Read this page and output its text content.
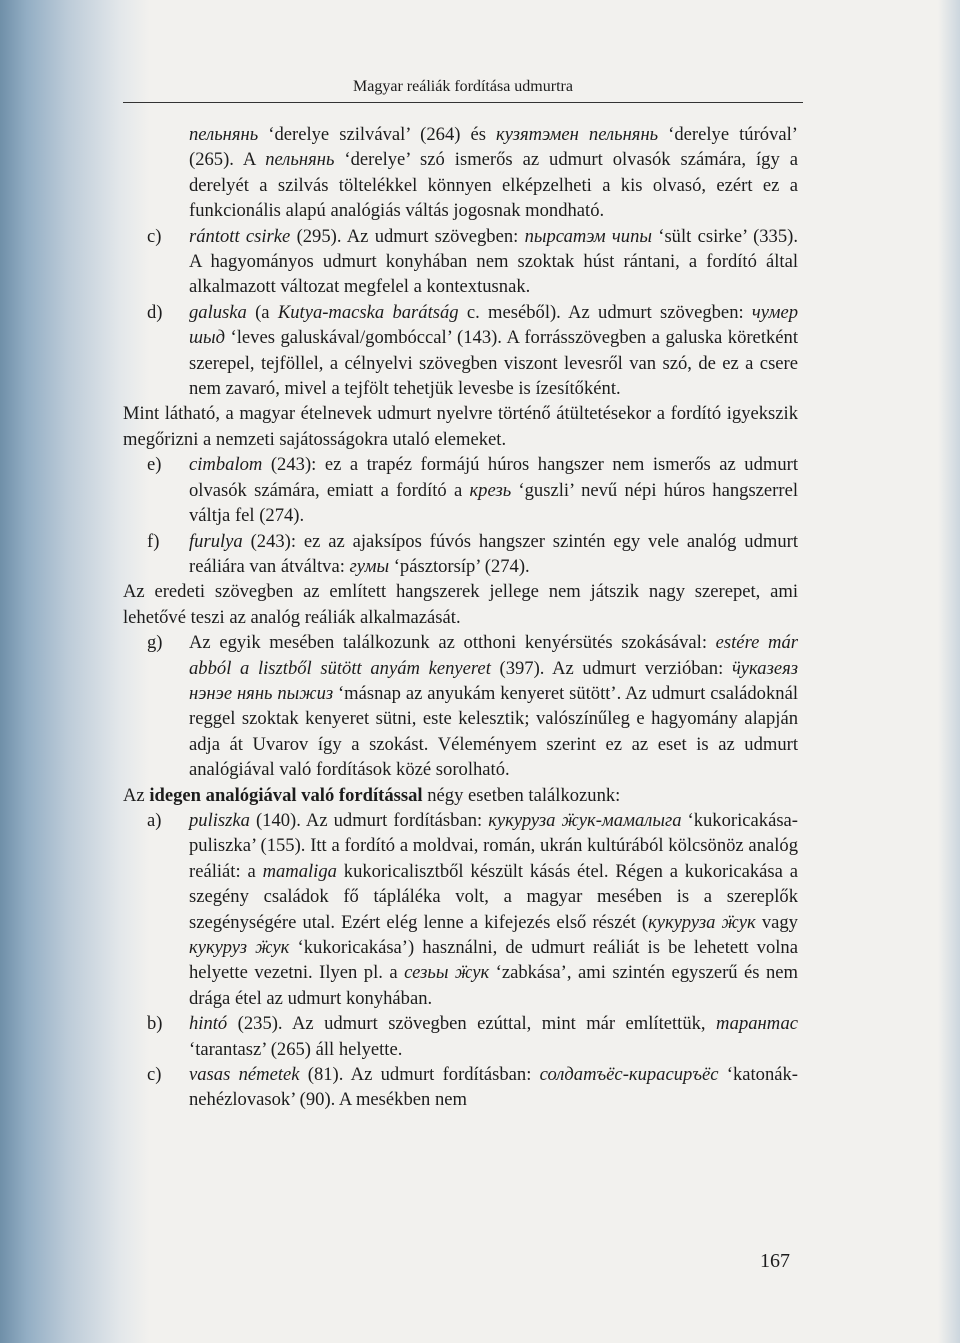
Magyar reáliák fordítása udmurtra

пельнянь ‘derelye szilvával’ (264) és кузятэмен пельнянь ‘derelye túróval’ (265). A пельнянь ‘derelye’ szó ismerős az udmurt olvasók számára, így a derelyét a szilvás töltelékkel könnyen elképzelheti a kis olvasó, ezért ez a funkcionális alapú analógiás váltás jogosnak mondható.

c) rántott csirke (295). Az udmurt szövegben: пырсатэм чипы ‘sült csirke’ (335). A hagyományos udmurt konyhában nem szoktak húst rántani, a fordító által alkalmazott változat megfelel a kontextusnak.
d) galuska (a Kutya-macska barátság c. meséből). Az udmurt szövegben: чумер шыд ‘leves galuskával/gombóccal’ (143). A forrásszövegben a galuska köretként szerepel, tejföllel, a célnyelvi szövegben viszont levesről van szó, de ez a csere nem zavaró, mivel a tejfölt tehetjük levesbe is ízesítőként.

Mint látható, a magyar ételnevek udmurt nyelvre történő átültetésekor a fordító igyekszik megőrizni a nemzeti sajátosságokra utaló elemeket.

e) cimbalom (243): ez a trapéz formájú húros hangszer nem ismerős az udmurt olvasók számára, emiatt a fordító a крезь ‘guszli’ nevű népi húros hangszerrel váltja fel (274).
f) furulya (243): ez az ajaksípos fúvós hangszer szintén egy vele analóg udmurt reáliára van átváltva: гумы ‘pásztorsíp’ (274).

Az eredeti szövegben az említett hangszerek jellege nem játszik nagy szerepet, ami lehetővé teszi az analóg reáliák alkalmazását.

g) Az egyik mesében találkozunk az otthoni kenyérsütés szokásával: estére már abból a lisztből sütött anyám kenyeret (397). Az udmurt verzióban: ӵуказеяз нэнэе нянь пыжиз ‘másnap az anyukám kenyeret sütött’. Az udmurt családoknál reggel szoktak kenyeret sütni, este kelesztik; valószínűleg e hagyomány alapján adja át Uvarov így a szokást. Véleményem szerint ez az eset is az udmurt analógiával való fordítások közé sorolható.

Az idegen analógiával való fordítással négy esetben találkozunk:

a) puliszka (140). Az udmurt fordításban: кукуруза ӝук-мамалыга ‘kukoricakása-puliszka’ (155). Itt a fordító a moldvai, román, ukrán kultúrából kölcsönöz analóg reáliát: a mamaliga kukoricalisztből készült kásás étel. Régen a kukoricakása a szegény családok fő tápláléka volt, a magyar mesében is a szereplők szegénységére utal. Ezért elég lenne a kifejezés első részét (кукуруза ӝук vagy кукуруз ӝук ‘kukoricakása’) használni, de udmurt reáliát is be lehetett volna helyette vezetni. Ilyen pl. a сезьы ӝук ‘zabkása’, ami szintén egyszerű és nem drága étel az udmurt konyhában.
b) hintó (235). Az udmurt szövegben ezúttal, mint már említettük, тарантас ‘tarantasz’ (265) áll helyette.
c) vasas németek (81). Az udmurt fordításban: солдатъёс-кирасиръёс ‘katonák-nehézlovasok’ (90). A mesékben nem
167
